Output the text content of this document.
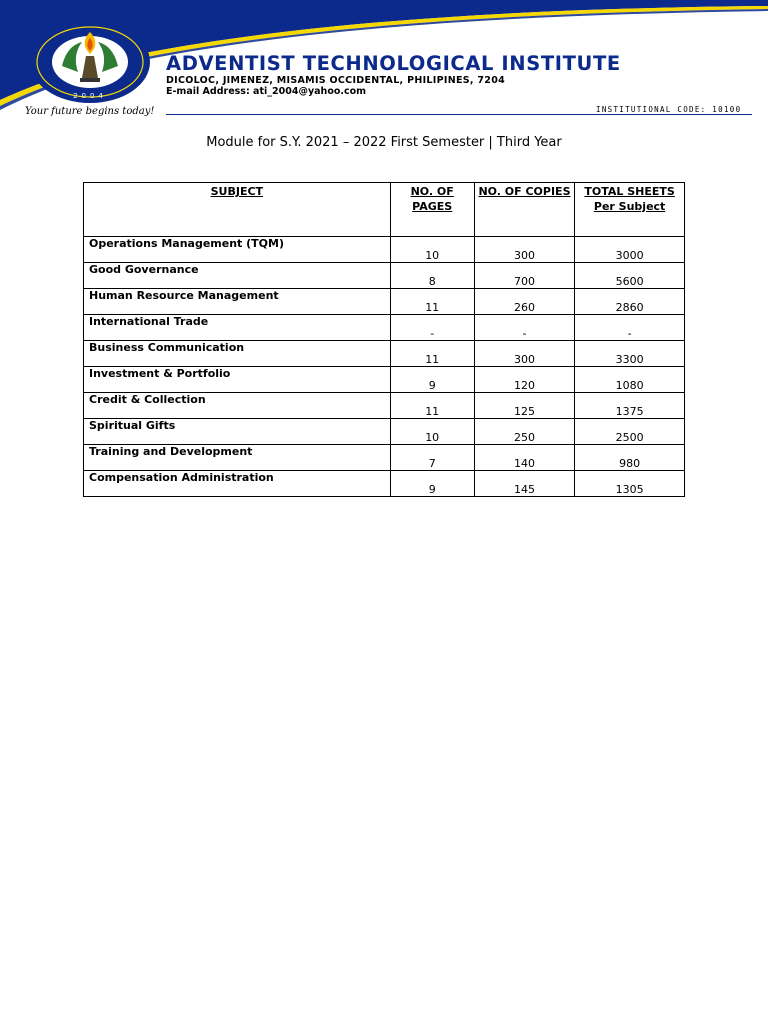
2004
ADVENTIST TECHNOLOGICAL INSTITUTE
DICOLOC, JIMENEZ, MISAMIS OCCIDENTAL, PHILIPINES, 7204
E-mail Address: ati_2004@yahoo.com
Your future begins today!	INSTITUTIONAL CODE: 10100
Module for S.Y. 2021 – 2022 First Semester | Third Year
SUBJECT	NO. OF PAGES	NO. OF COPIES	TOTAL SHEETS Per Subject
Operations Management (TQM)	10	300	3000
Good Governance	8	700	5600
Human Resource Management	11	260	2860
International Trade	-	-	-
Business Communication	11	300	3300
Investment & Portfolio	9	120	1080
Credit & Collection	11	125	1375
Spiritual Gifts	10	250	2500
Training and Development	7	140	980
Compensation Administration	9	145	1305
